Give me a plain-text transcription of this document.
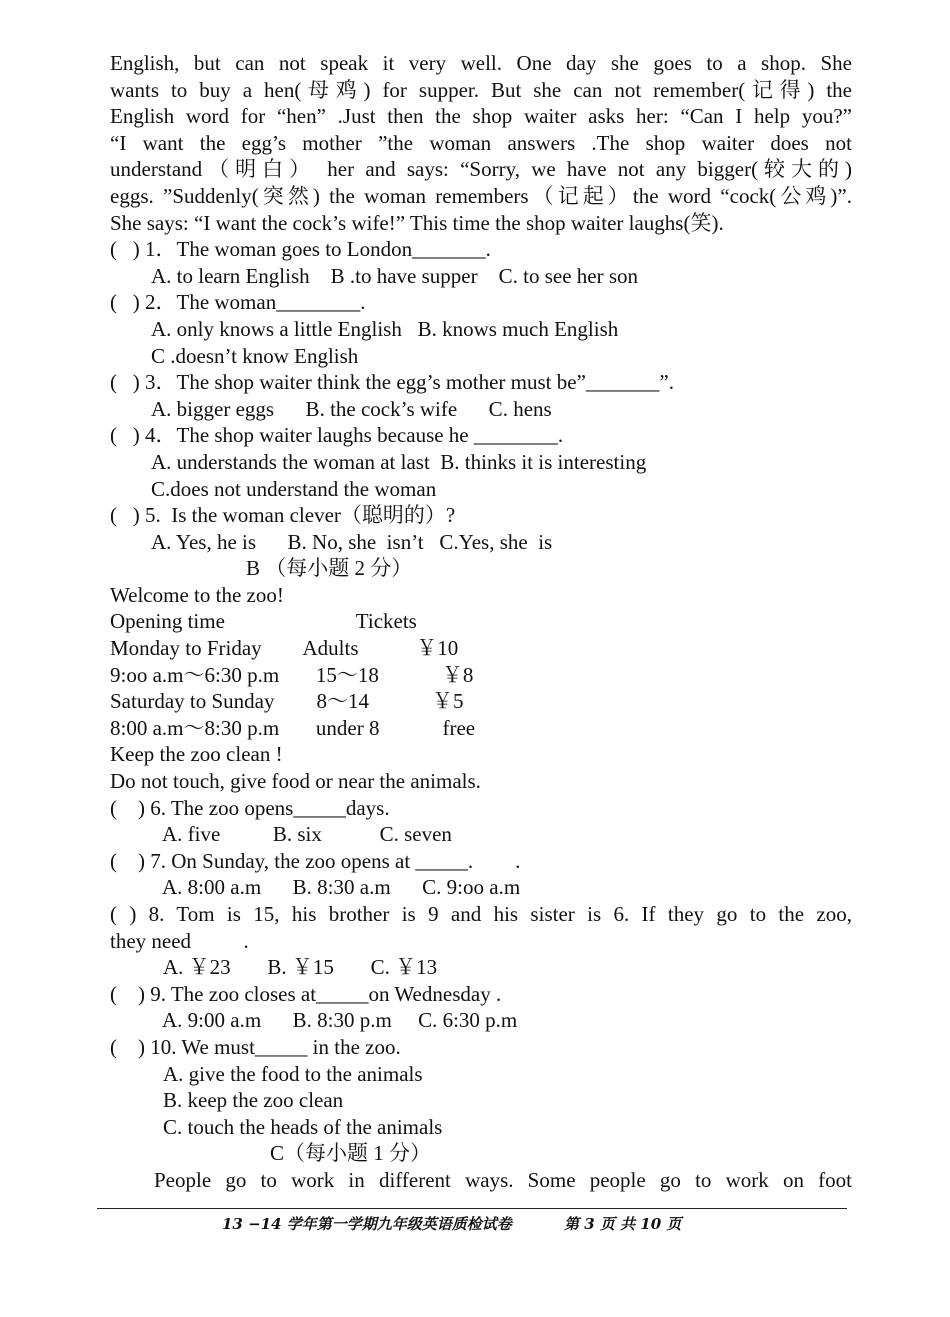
English, but can not speak it very well. One day she goes to a shop. She
wants to buy a hen(母鸡) for supper. But she can not remember(记得) the
English word for “hen” .Just then the shop waiter asks her: “Can I help you?”
“I want the egg’s mother ”the woman answers .The shop waiter does not
understand（明白） her and says: “Sorry, we have not any bigger(较大的)
eggs. ”Suddenly(突然) the woman remembers（记起）the word “cock(公鸡)”.
She says: “I want the cock’s wife!” This time the shop waiter laughs(笑).
(   ) 1．The woman goes to London_______.
A. to learn English    B .to have supper    C. to see her son
(   ) 2．The woman________.
A. only knows a little English   B. knows much English
C .doesn’t know English
(   ) 3．The shop waiter think the egg’s mother must be”_______”.
A. bigger eggs      B. the cock’s wife      C. hens
(   ) 4．The shop waiter laughs because he ________.
A. understands the woman at last  B. thinks it is interesting
C.does not understand the woman
(   ) 5.  Is the woman clever（聪明的）?
A. Yes, he is      B. No, she  isn’t   C.Yes, she  is
B （每小题 2 分）
Welcome to the zoo!
Opening time                         Tickets
Monday to Friday        Adults           ￥10
9:oo a.m～6:30 p.m       15～18            ￥8
Saturday to Sunday        8～14            ￥5
8:00 a.m～8:30 p.m       under 8            free
Keep the zoo clean !
Do not touch, give food or near the animals.
(    ) 6. The zoo opens_____days.
A. five          B. six           C. seven
(    ) 7. On Sunday, the zoo opens at _____.        .
A. 8:00 a.m      B. 8:30 a.m      C. 9:oo a.m
( ) 8. Tom is 15, his brother is 9 and his sister is 6. If they go to the zoo,
they need          .
A. ￥23       B. ￥15       C. ￥13
(    ) 9. The zoo closes at_____on Wednesday .
A. 9:00 a.m      B. 8:30 p.m     C. 6:30 p.m
(    ) 10. We must_____ in the zoo.
A. give the food to the animals
B. keep the zoo clean
C. touch the heads of the animals
C（每小题 1 分）
People go to work in different ways. Some people go to work on foot
13 −14 学年第一学期九年级英语质检试卷          第 3 页 共 10 页
